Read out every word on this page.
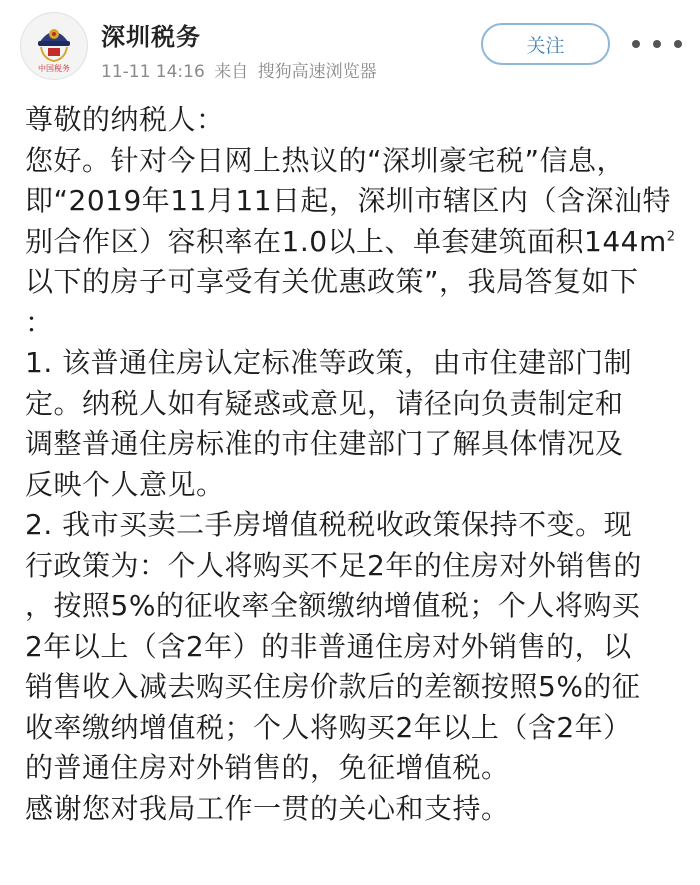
中国税务
深圳税务
11-11 14:16 来自 搜狗高速浏览器
关注
尊敬的纳税人：
您好。针对今日网上热议的“深圳豪宅税”信息，
即“2019年11月11日起，深圳市辖区内（含深汕特
别合作区）容积率在1.0以上、单套建筑面积$144m^2$
以下的房子可享受有关优惠政策”，我局答复如下
：
1. 该普通住房认定标准等政策，由市住建部门制
定。纳税人如有疑惑或意见，请径向负责制定和
调整普通住房标准的市住建部门了解具体情况及
反映个人意见。
2. 我市买卖二手房增值税税收政策保持不变。现
行政策为：个人将购买不足2年的住房对外销售的
，按照5%的征收率全额缴纳增值税；个人将购买
2年以上（含2年）的非普通住房对外销售的，以
销售收入减去购买住房价款后的差额按照5%的征
收率缴纳增值税；个人将购买2年以上（含2年）
的普通住房对外销售的，免征增值税。
感谢您对我局工作一贯的关心和支持。
